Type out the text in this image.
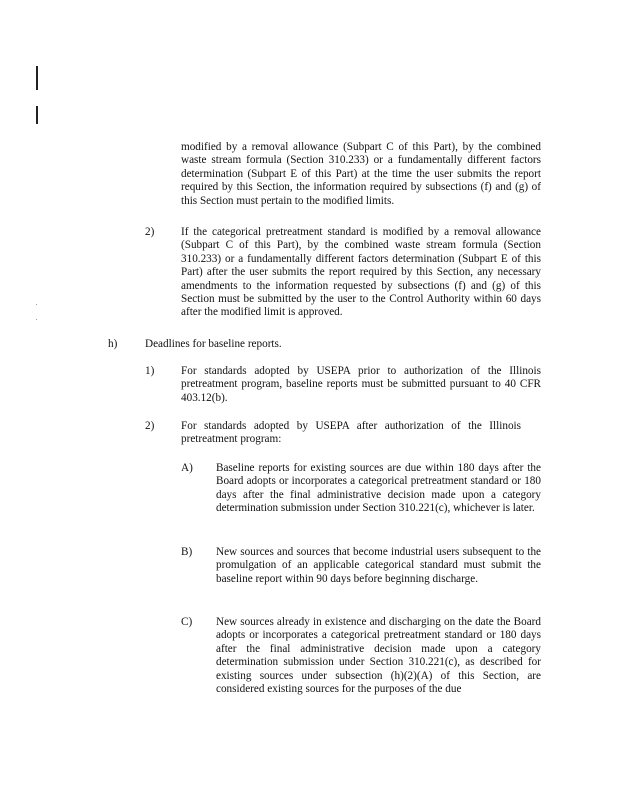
modified by a removal allowance (Subpart C of this Part), by the combined waste stream formula (Section 310.233) or a fundamentally different factors determination (Subpart E of this Part) at the time the user submits the report required by this Section, the information required by subsections (f) and (g) of this Section must pertain to the modified limits.

2) If the categorical pretreatment standard is modified by a removal allowance (Subpart C of this Part), by the combined waste stream formula (Section 310.233) or a fundamentally different factors determination (Subpart E of this Part) after the user submits the report required by this Section, any necessary amendments to the information requested by subsections (f) and (g) of this Section must be submitted by the user to the Control Authority within 60 days after the modified limit is approved.

h) Deadlines for baseline reports.

1) For standards adopted by USEPA prior to authorization of the Illinois pretreatment program, baseline reports must be submitted pursuant to 40 CFR 403.12(b).

2) For standards adopted by USEPA after authorization of the Illinois pretreatment program:

A) Baseline reports for existing sources are due within 180 days after the Board adopts or incorporates a categorical pretreatment standard or 180 days after the final administrative decision made upon a category determination submission under Section 310.221(c), whichever is later.

B) New sources and sources that become industrial users subsequent to the promulgation of an applicable categorical standard must submit the baseline report within 90 days before beginning discharge.

C) New sources already in existence and discharging on the date the Board adopts or incorporates a categorical pretreatment standard or 180 days after the final administrative decision made upon a category determination submission under Section 310.221(c), as described for existing sources under subsection (h)(2)(A) of this Section, are considered existing sources for the purposes of the due
